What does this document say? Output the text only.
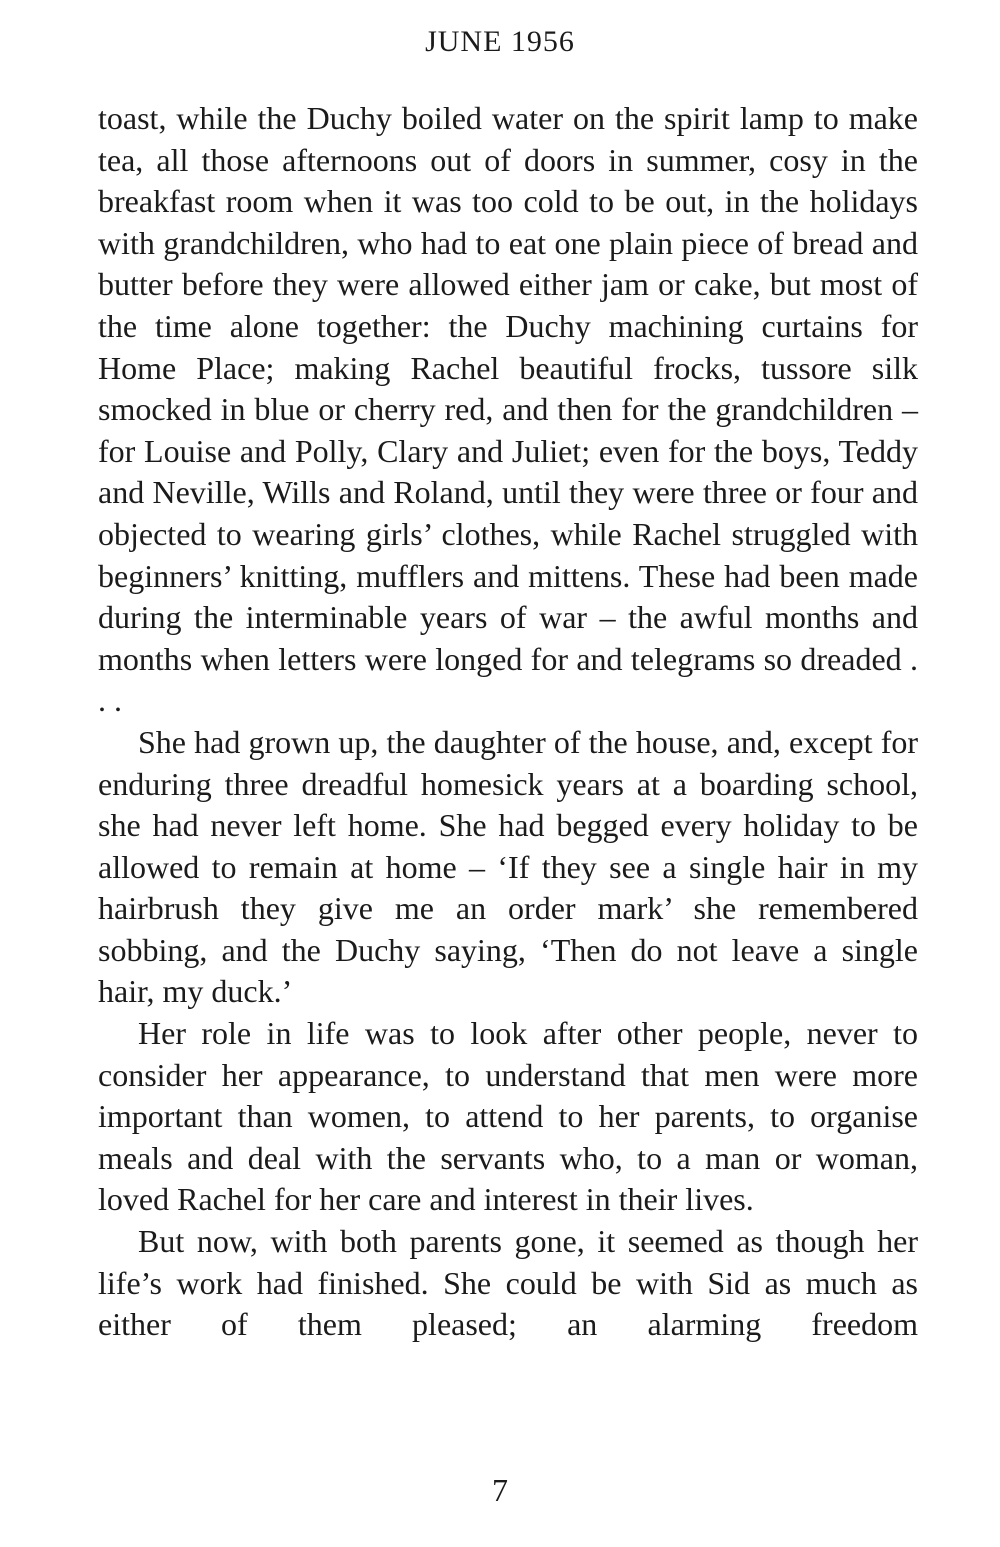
JUNE 1956

toast, while the Duchy boiled water on the spirit lamp to make tea, all those afternoons out of doors in summer, cosy in the breakfast room when it was too cold to be out, in the holidays with grandchildren, who had to eat one plain piece of bread and butter before they were allowed either jam or cake, but most of the time alone together: the Duchy machining curtains for Home Place; making Rachel beautiful frocks, tussore silk smocked in blue or cherry red, and then for the grandchildren – for Louise and Polly, Clary and Juliet; even for the boys, Teddy and Neville, Wills and Roland, until they were three or four and objected to wearing girls’ clothes, while Rachel struggled with beginners’ knitting, mufflers and mittens. These had been made during the interminable years of war – the awful months and months when letters were longed for and telegrams so dreaded . . .

She had grown up, the daughter of the house, and, except for enduring three dreadful homesick years at a boarding school, she had never left home. She had begged every holiday to be allowed to remain at home – ‘If they see a single hair in my hairbrush they give me an order mark’ she remembered sobbing, and the Duchy saying, ‘Then do not leave a single hair, my duck.’

Her role in life was to look after other people, never to consider her appearance, to understand that men were more important than women, to attend to her parents, to organise meals and deal with the servants who, to a man or woman, loved Rachel for her care and interest in their lives.

But now, with both parents gone, it seemed as though her life’s work had finished. She could be with Sid as much as either of them pleased; an alarming freedom

7
